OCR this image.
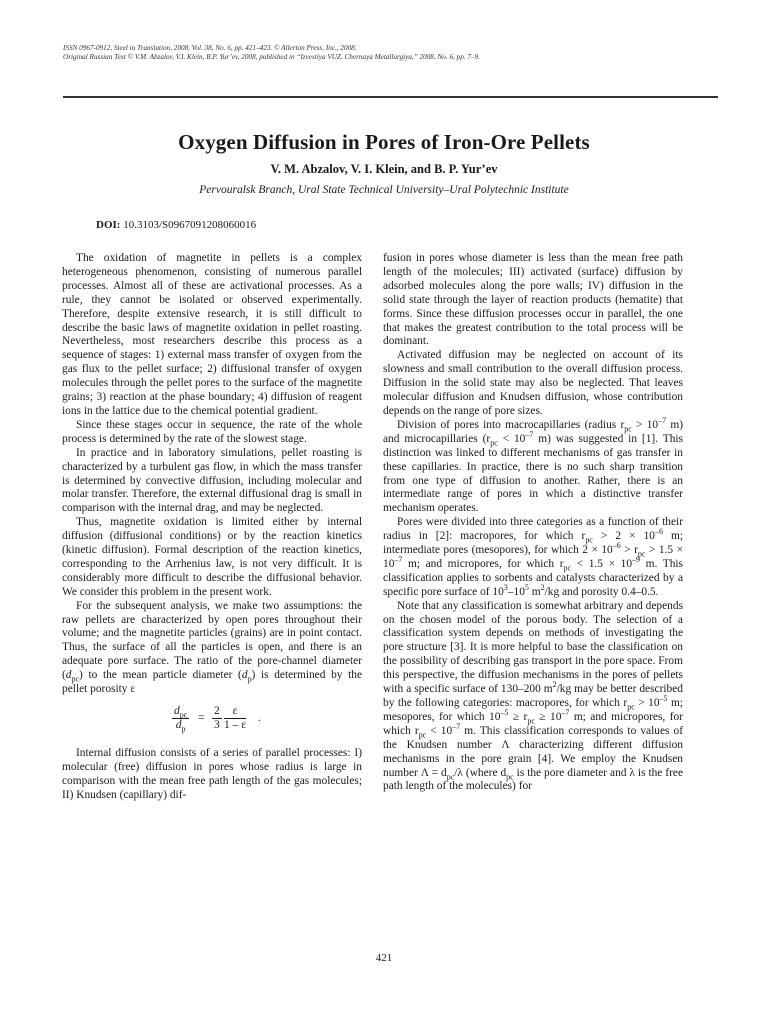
ISSN 0967-0912, Steel in Translation, 2008, Vol. 38, No. 6, pp. 421–423. © Allerton Press, Inc., 2008.
Original Russian Text © V.M. Abzalov, V.I. Klein, B.P. Yur’ev, 2008, published in “Izvestiya VUZ. Chernaya Metallurgiya,” 2008, No. 6, pp. 7–9.
Oxygen Diffusion in Pores of Iron-Ore Pellets
V. M. Abzalov, V. I. Klein, and B. P. Yur’ev
Pervouralsk Branch, Ural State Technical University–Ural Polytechnic Institute
DOI: 10.3103/S0967091208060016

The oxidation of magnetite in pellets is a complex heterogeneous phenomenon, consisting of numerous parallel processes. Almost all of these are activational processes. As a rule, they cannot be isolated or observed experimentally. Therefore, despite extensive research, it is still difficult to describe the basic laws of magnetite oxidation in pellet roasting. Nevertheless, most researchers describe this process as a sequence of stages: 1) external mass transfer of oxygen from the gas flux to the pellet surface; 2) diffusional transfer of oxygen molecules through the pellet pores to the surface of the magnetite grains; 3) reaction at the phase boundary; 4) diffusion of reagent ions in the lattice due to the chemical potential gradient.

Since these stages occur in sequence, the rate of the whole process is determined by the rate of the slowest stage.

In practice and in laboratory simulations, pellet roasting is characterized by a turbulent gas flow, in which the mass transfer is determined by convective diffusion, including molecular and molar transfer. Therefore, the external diffusional drag is small in comparison with the internal drag, and may be neglected.

Thus, magnetite oxidation is limited either by internal diffusion (diffusional conditions) or by the reaction kinetics (kinetic diffusion). Formal description of the reaction kinetics, corresponding to the Arrhenius law, is not very difficult. It is considerably more difficult to describe the diffusional behavior. We consider this problem in the present work.

For the subsequent analysis, we make two assumptions: the raw pellets are characterized by open pores throughout their volume; and the magnetite particles (grains) are in point contact. Thus, the surface of all the particles is open, and there is an adequate pore surface. The ratio of the pore-channel diameter $(d_{pc})$ to the mean particle diameter $(d_p)$ is determined by the pellet porosity ε

$d_{pc}$
$d_p$
= $\frac{2}{3} \frac{\varepsilon}{1 - \varepsilon}$ .

Internal diffusion consists of a series of parallel processes: I) molecular (free) diffusion in pores whose radius is large in comparison with the mean free path length of the gas molecules; II) Knudsen (capillary) dif-

fusion in pores whose diameter is less than the mean free path length of the molecules; III) activated (surface) diffusion by adsorbed molecules along the pore walls; IV) diffusion in the solid state through the layer of reaction products (hematite) that forms. Since these diffusion processes occur in parallel, the one that makes the greatest contribution to the total process will be dominant.

Activated diffusion may be neglected on account of its slowness and small contribution to the overall diffusion process. Diffusion in the solid state may also be neglected. That leaves molecular diffusion and Knudsen diffusion, whose contribution depends on the range of pore sizes.

Division of pores into macrocapillaries (radius $r_{pc} > 10^{-7}$ m) and microcapillaries ($r_{pc} < 10^{-7}$ m) was suggested in [1]. This distinction was linked to different mechanisms of gas transfer in these capillaries. In practice, there is no such sharp transition from one type of diffusion to another. Rather, there is an intermediate range of pores in which a distinctive transfer mechanism operates.

Pores were divided into three categories as a function of their radius in [2]: macropores, for which $r_{pc} > 2 \times 10^{-6}$ m; intermediate pores (mesopores), for which $2 \times 10^{-6} > r_{pc} > 1.5 \times 10^{-7}$ m; and micropores, for which $r_{pc} < 1.5 \times 10^{-9}$ m. This classification applies to sorbents and catalysts characterized by a specific pore surface of $10^3-10^5$ $m^2/kg$ and porosity 0.4–0.5.

Note that any classification is somewhat arbitrary and depends on the chosen model of the porous body. The selection of a classification system depends on methods of investigating the pore structure [3]. It is more helpful to base the classification on the possibility of describing gas transport in the pore space. From this perspective, the diffusion mechanisms in the pores of pellets with a specific surface of 130–200 $m^2/kg$ may be better described by the following categories: macropores, for which $r_{pc} > 10^{-5}$ m; mesopores, for which $10^{-5} \ge r_{pc} \ge 10^{-7}$ m; and micropores, for which $r_{pc} < 10^{-7}$ m. This classification corresponds to values of the Knudsen number Λ characterizing different diffusion mechanisms in the pore grain [4]. We employ the Knudsen number $\Lambda = d_{pc}/\lambda$ (where $d_{pc}$ is the pore diameter and λ is the free path length of the molecules) for

421
